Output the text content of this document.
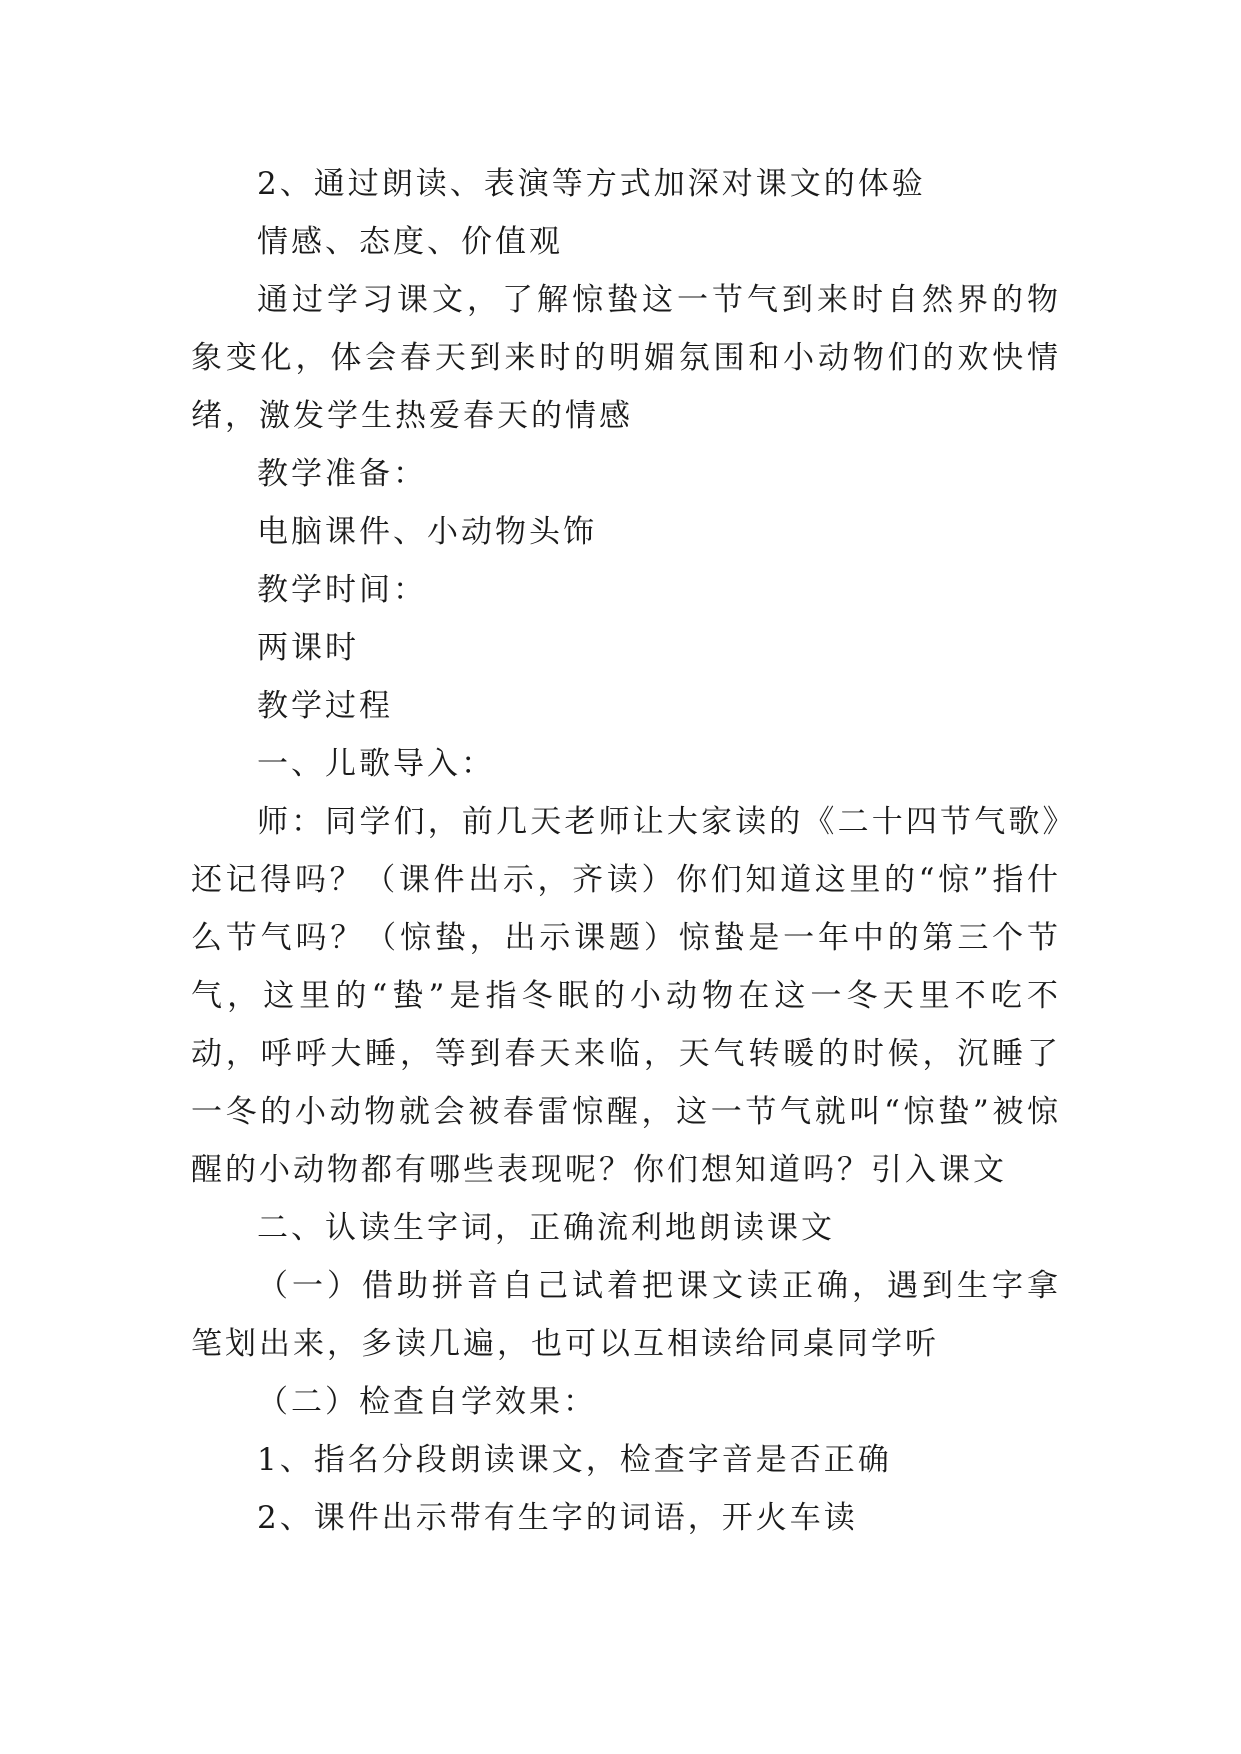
2、通过朗读、表演等方式加深对课文的体验

情感、态度、价值观

通过学习课文，了解惊蛰这一节气到来时自然界的物象变化，体会春天到来时的明媚氛围和小动物们的欢快情绪，激发学生热爱春天的情感

教学准备：

电脑课件、小动物头饰

教学时间：

两课时

教学过程

一、儿歌导入：

师：同学们，前几天老师让大家读的《二十四节气歌》还记得吗？（课件出示，齐读）你们知道这里的“惊”指什么节气吗？（惊蛰，出示课题）惊蛰是一年中的第三个节气，这里的“蛰”是指冬眠的小动物在这一冬天里不吃不动，呼呼大睡，等到春天来临，天气转暖的时候，沉睡了一冬的小动物就会被春雷惊醒，这一节气就叫“惊蛰”被惊醒的小动物都有哪些表现呢？你们想知道吗？引入课文

二、认读生字词，正确流利地朗读课文

（一）借助拼音自己试着把课文读正确，遇到生字拿笔划出来，多读几遍，也可以互相读给同桌同学听

（二）检查自学效果：

1、指名分段朗读课文，检查字音是否正确

2、课件出示带有生字的词语，开火车读
